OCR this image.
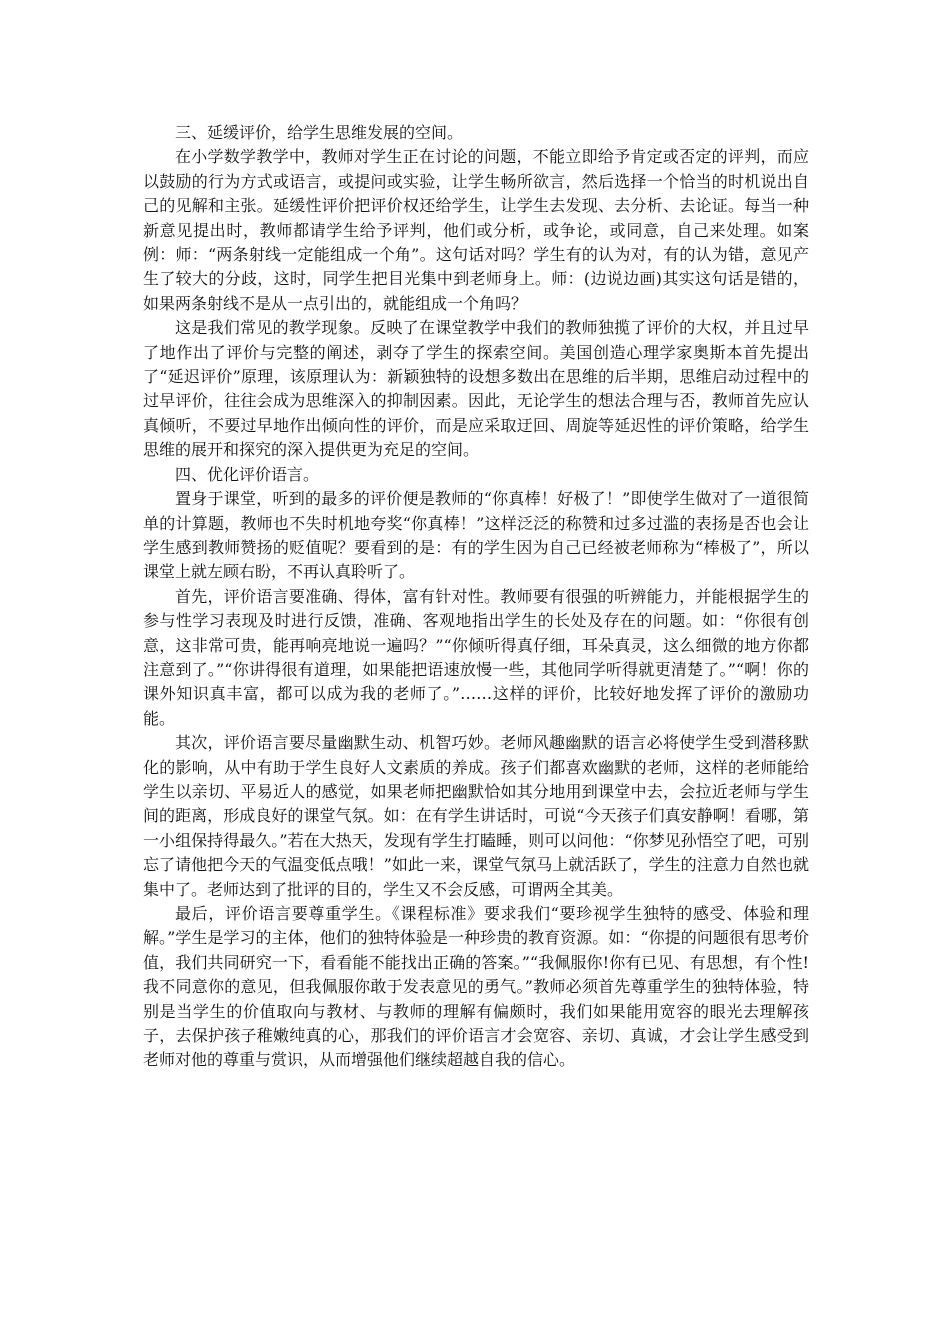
三、延缓评价，给学生思维发展的空间。

在小学数学教学中，教师对学生正在讨论的问题，不能立即给予肯定或否定的评判，而应以鼓励的行为方式或语言，或提问或实验，让学生畅所欲言，然后选择一个恰当的时机说出自己的见解和主张。延缓性评价把评价权还给学生，让学生去发现、去分析、去论证。每当一种新意见提出时，教师都请学生给予评判，他们或分析，或争论，或同意，自己来处理。如案例：师：“两条射线一定能组成一个角”。这句话对吗？学生有的认为对，有的认为错，意见产生了较大的分歧，这时，同学生把目光集中到老师身上。师：(边说边画)其实这句话是错的，如果两条射线不是从一点引出的，就能组成一个角吗？

这是我们常见的教学现象。反映了在课堂教学中我们的教师独揽了评价的大权，并且过早了地作出了评价与完整的阐述，剥夺了学生的探索空间。美国创造心理学家奥斯本首先提出了“延迟评价”原理，该原理认为：新颖独特的设想多数出在思维的后半期，思维启动过程中的过早评价，往往会成为思维深入的抑制因素。因此，无论学生的想法合理与否，教师首先应认真倾听，不要过早地作出倾向性的评价，而是应采取迂回、周旋等延迟性的评价策略，给学生思维的展开和探究的深入提供更为充足的空间。

四、优化评价语言。

置身于课堂，听到的最多的评价便是教师的“你真棒！好极了！”即使学生做对了一道很简单的计算题，教师也不失时机地夸奖“你真棒！”这样泛泛的称赞和过多过滥的表扬是否也会让学生感到教师赞扬的贬值呢？要看到的是：有的学生因为自己已经被老师称为“棒极了”，所以课堂上就左顾右盼，不再认真聆听了。

首先，评价语言要准确、得体，富有针对性。教师要有很强的听辨能力，并能根据学生的参与性学习表现及时进行反馈，准确、客观地指出学生的长处及存在的问题。如：“你很有创意，这非常可贵，能再响亮地说一遍吗？”“你倾听得真仔细，耳朵真灵，这么细微的地方你都注意到了。”“你讲得很有道理，如果能把语速放慢一些，其他同学听得就更清楚了。”“啊！你的课外知识真丰富，都可以成为我的老师了。”……这样的评价，比较好地发挥了评价的激励功能。

其次，评价语言要尽量幽默生动、机智巧妙。老师风趣幽默的语言必将使学生受到潜移默化的影响，从中有助于学生良好人文素质的养成。孩子们都喜欢幽默的老师，这样的老师能给学生以亲切、平易近人的感觉，如果老师把幽默恰如其分地用到课堂中去，会拉近老师与学生间的距离，形成良好的课堂气氛。如：在有学生讲话时，可说“今天孩子们真安静啊！看哪，第一小组保持得最久。”若在大热天，发现有学生打瞌睡，则可以问他：“你梦见孙悟空了吧，可别忘了请他把今天的气温变低点哦！”如此一来，课堂气氛马上就活跃了，学生的注意力自然也就集中了。老师达到了批评的目的，学生又不会反感，可谓两全其美。

最后，评价语言要尊重学生。《课程标准》要求我们“要珍视学生独特的感受、体验和理解。”学生是学习的主体，他们的独特体验是一种珍贵的教育资源。如：“你提的问题很有思考价值，我们共同研究一下，看看能不能找出正确的答案。”“我佩服你!你有已见、有思想，有个性!我不同意你的意见，但我佩服你敢于发表意见的勇气。”教师必须首先尊重学生的独特体验，特别是当学生的价值取向与教材、与教师的理解有偏颇时，我们如果能用宽容的眼光去理解孩子，去保护孩子稚嫩纯真的心，那我们的评价语言才会宽容、亲切、真诚，才会让学生感受到老师对他的尊重与赏识，从而增强他们继续超越自我的信心。
